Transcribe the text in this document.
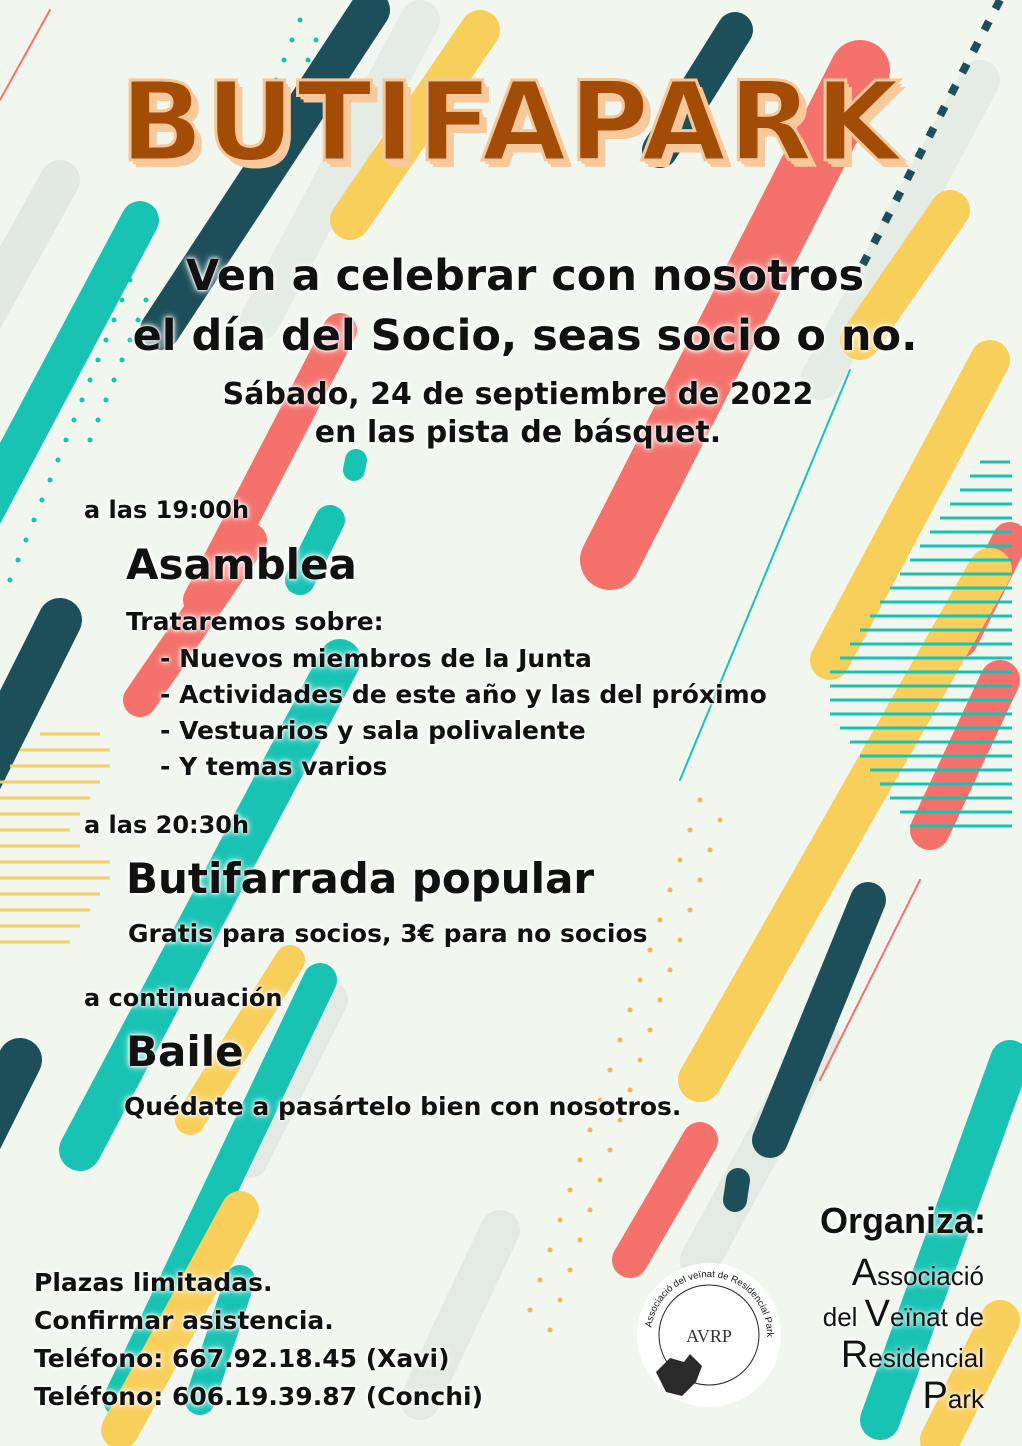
BUTIFAPARK
Ven a celebrar con nosotros
el día del Socio, seas socio o no.
Sábado, 24 de septiembre de 2022
en las pista de básquet.
a las 19:00h
Asamblea
Trataremos sobre:
- Nuevos miembros de la Junta
- Actividades de este año y las del próximo
- Vestuarios y sala polivalente
- Y temas varios
a las 20:30h
Butifarrada popular
Gratis para socios, 3€ para no socios
a continuación
Baile
Quédate a pasártelo bien con nosotros.
Plazas limitadas.
Confirmar asistencia.
Teléfono: 667.92.18.45 (Xavi)
Teléfono: 606.19.39.87 (Conchi)
Associació del veïnat de Residencial Park
AVRP
Organiza:
Associació
del Veïnat de
Residencial
Park
